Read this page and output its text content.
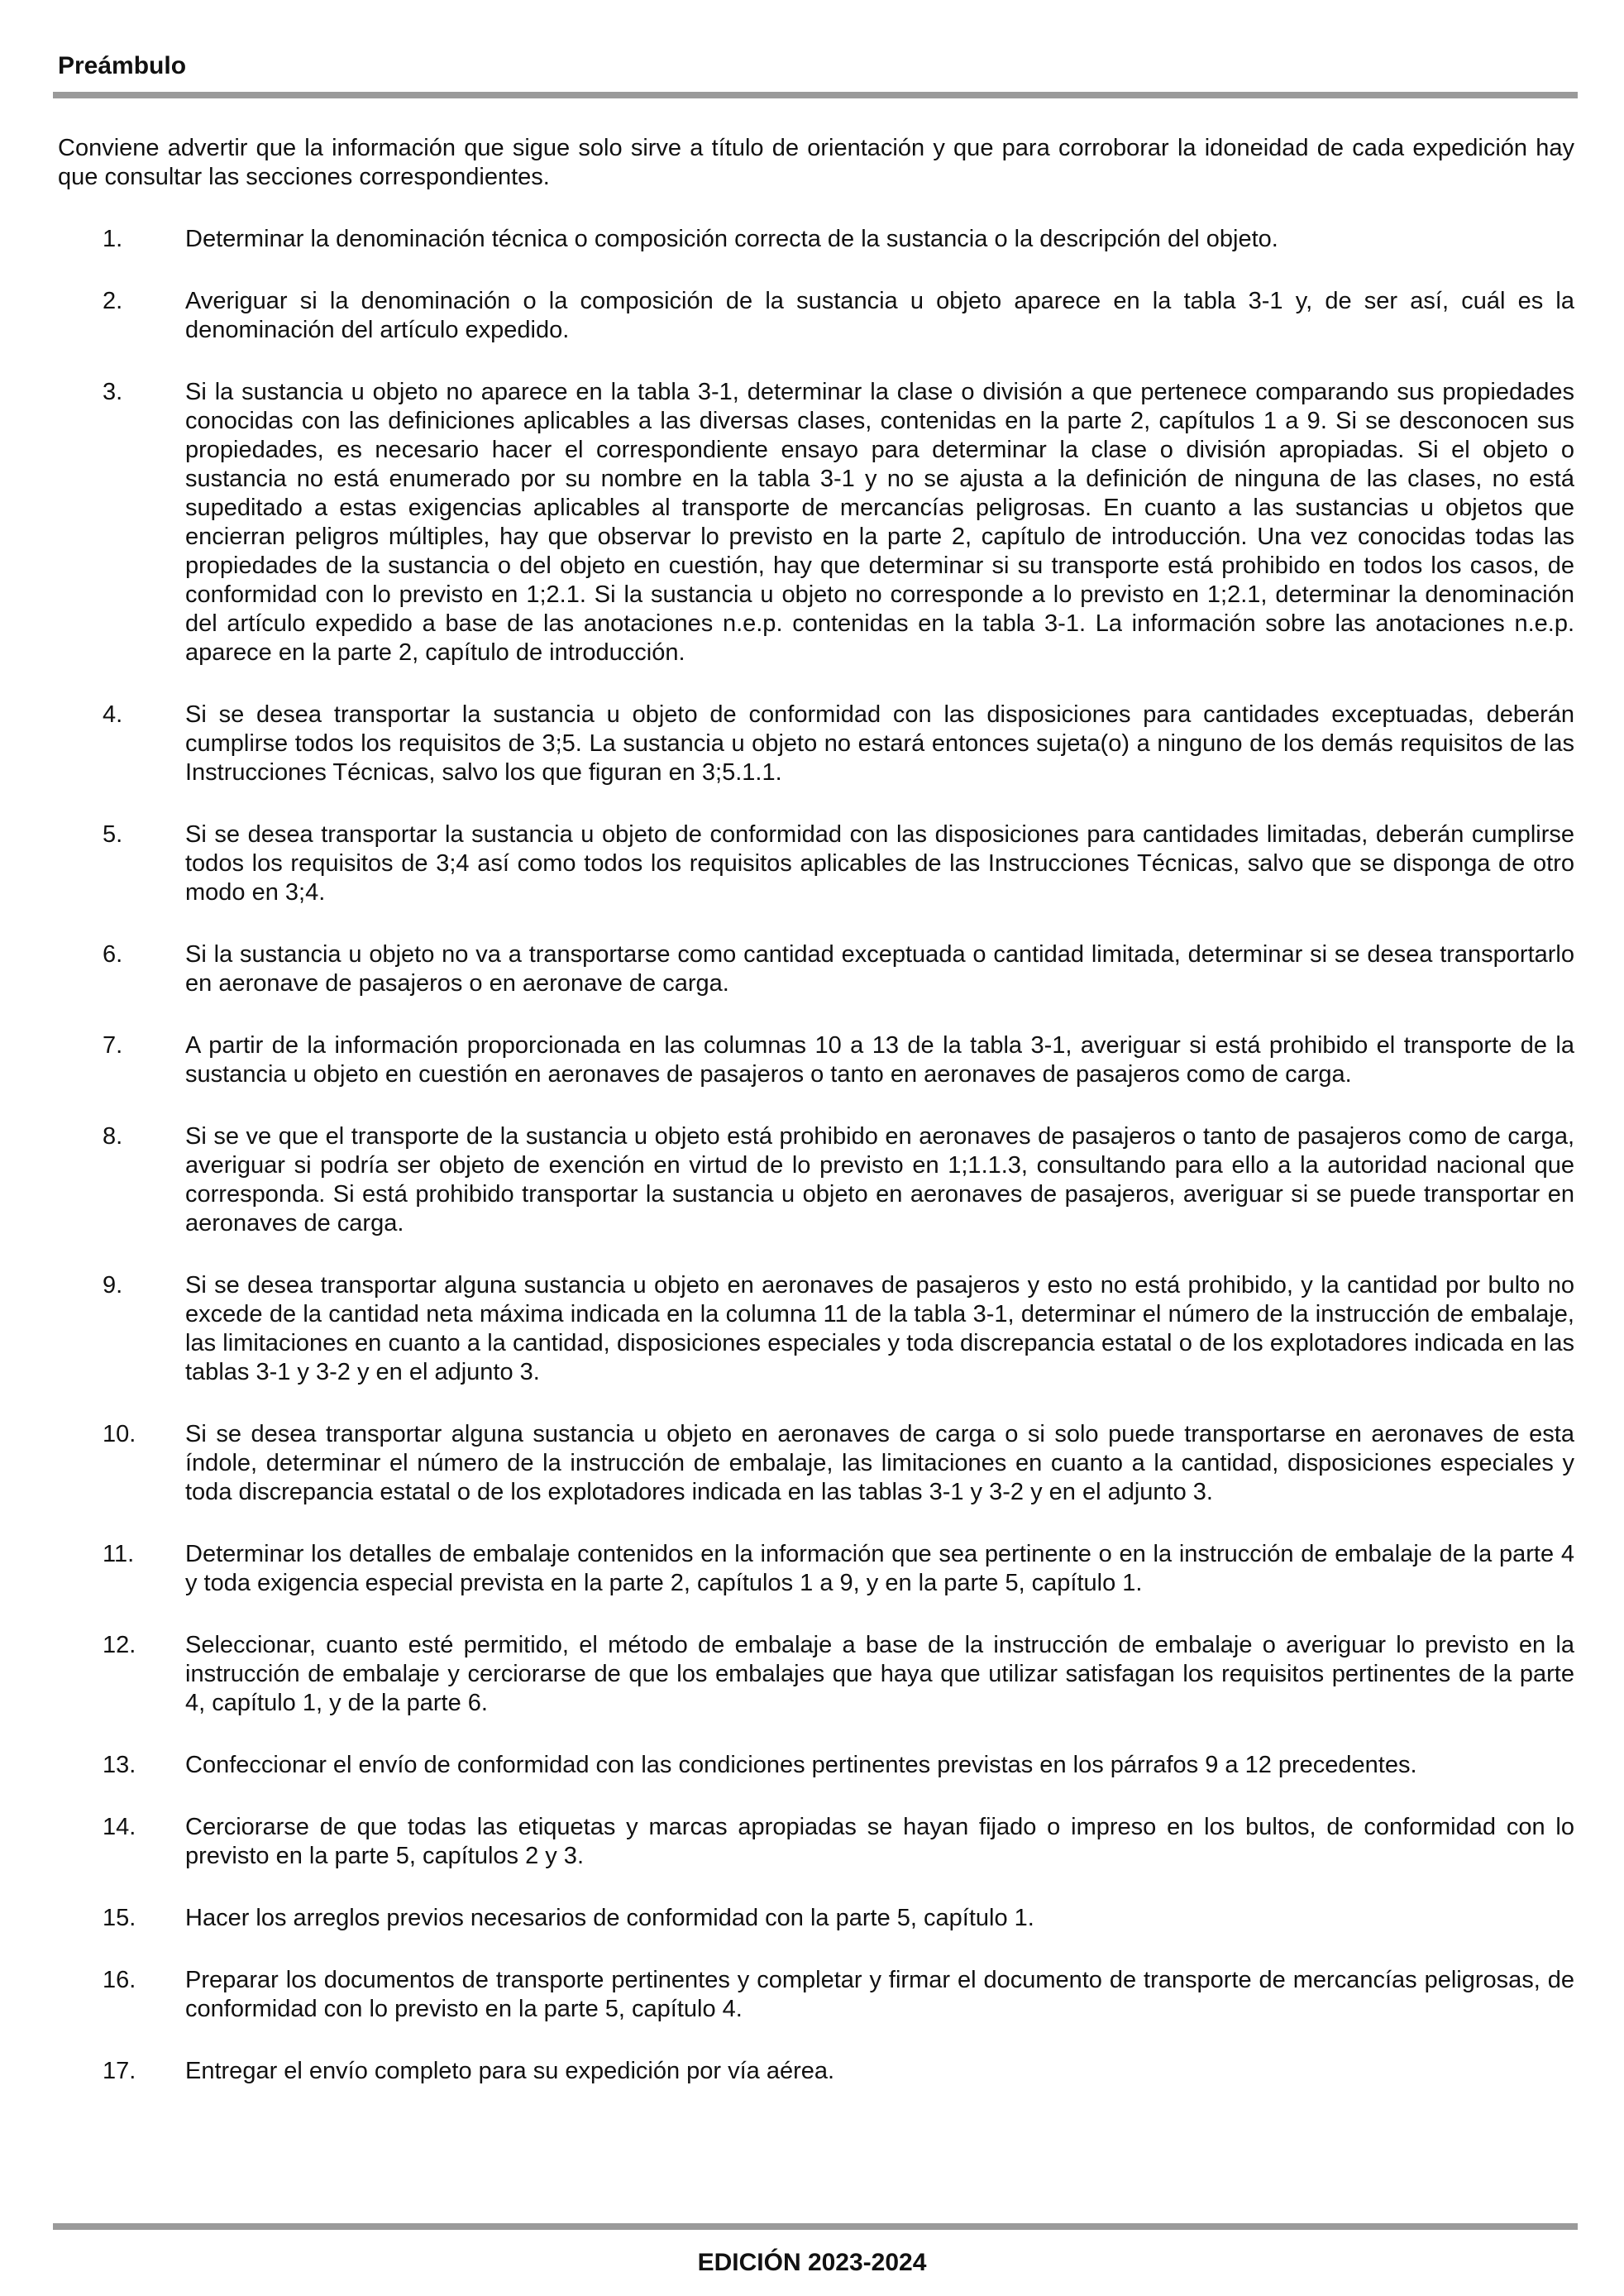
Preámbulo

Conviene advertir que la información que sigue solo sirve a título de orientación y que para corroborar la idoneidad de cada expedición hay que consultar las secciones correspondientes.

1.	Determinar la denominación técnica o composición correcta de la sustancia o la descripción del objeto.
2.	Averiguar si la denominación o la composición de la sustancia u objeto aparece en la tabla 3-1 y, de ser así, cuál es la denominación del artículo expedido.
3.	Si la sustancia u objeto no aparece en la tabla 3-1, determinar la clase o división a que pertenece comparando sus propiedades conocidas con las definiciones aplicables a las diversas clases, contenidas en la parte 2, capítulos 1 a 9. Si se desconocen sus propiedades, es necesario hacer el correspondiente ensayo para determinar la clase o división apropiadas. Si el objeto o sustancia no está enumerado por su nombre en la tabla 3-1 y no se ajusta a la definición de ninguna de las clases, no está supeditado a estas exigencias aplicables al transporte de mercancías peligrosas. En cuanto a las sustancias u objetos que encierran peligros múltiples, hay que observar lo previsto en la parte 2, capítulo de introducción. Una vez conocidas todas las propiedades de la sustancia o del objeto en cuestión, hay que determinar si su transporte está prohibido en todos los casos, de conformidad con lo previsto en 1;2.1. Si la sustancia u objeto no corresponde a lo previsto en 1;2.1, determinar la denominación del artículo expedido a base de las anotaciones n.e.p. contenidas en la tabla 3-1. La información sobre las anotaciones n.e.p. aparece en la parte 2, capítulo de introducción.
4.	Si se desea transportar la sustancia u objeto de conformidad con las disposiciones para cantidades exceptuadas, deberán cumplirse todos los requisitos de 3;5. La sustancia u objeto no estará entonces sujeta(o) a ninguno de los demás requisitos de las Instrucciones Técnicas, salvo los que figuran en 3;5.1.1.
5.	Si se desea transportar la sustancia u objeto de conformidad con las disposiciones para cantidades limitadas, deberán cumplirse todos los requisitos de 3;4 así como todos los requisitos aplicables de las Instrucciones Técnicas, salvo que se disponga de otro modo en 3;4.
6.	Si la sustancia u objeto no va a transportarse como cantidad exceptuada o cantidad limitada, determinar si se desea transportarlo en aeronave de pasajeros o en aeronave de carga.
7.	A partir de la información proporcionada en las columnas 10 a 13 de la tabla 3-1, averiguar si está prohibido el transporte de la sustancia u objeto en cuestión en aeronaves de pasajeros o tanto en aeronaves de pasajeros como de carga.
8.	Si se ve que el transporte de la sustancia u objeto está prohibido en aeronaves de pasajeros o tanto de pasajeros como de carga, averiguar si podría ser objeto de exención en virtud de lo previsto en 1;1.1.3, consultando para ello a la autoridad nacional que corresponda. Si está prohibido transportar la sustancia u objeto en aeronaves de pasajeros, averiguar si se puede transportar en aeronaves de carga.
9.	Si se desea transportar alguna sustancia u objeto en aeronaves de pasajeros y esto no está prohibido, y la cantidad por bulto no excede de la cantidad neta máxima indicada en la columna 11 de la tabla 3-1, determinar el número de la instrucción de embalaje, las limitaciones en cuanto a la cantidad, disposiciones especiales y toda discrepancia estatal o de los explotadores indicada en las tablas 3-1 y 3-2 y en el adjunto 3.
10.	Si se desea transportar alguna sustancia u objeto en aeronaves de carga o si solo puede transportarse en aeronaves de esta índole, determinar el número de la instrucción de embalaje, las limitaciones en cuanto a la cantidad, disposiciones especiales y toda discrepancia estatal o de los explotadores indicada en las tablas 3-1 y 3-2 y en el adjunto 3.
11.	Determinar los detalles de embalaje contenidos en la información que sea pertinente o en la instrucción de embalaje de la parte 4 y toda exigencia especial prevista en la parte 2, capítulos 1 a 9, y en la parte 5, capítulo 1.
12.	Seleccionar, cuanto esté permitido, el método de embalaje a base de la instrucción de embalaje o averiguar lo previsto en la instrucción de embalaje y cerciorarse de que los embalajes que haya que utilizar satisfagan los requisitos pertinentes de la parte 4, capítulo 1, y de la parte 6.
13.	Confeccionar el envío de conformidad con las condiciones pertinentes previstas en los párrafos 9 a 12 precedentes.
14.	Cerciorarse de que todas las etiquetas y marcas apropiadas se hayan fijado o impreso en los bultos, de conformidad con lo previsto en la parte 5, capítulos 2 y 3.
15.	Hacer los arreglos previos necesarios de conformidad con la parte 5, capítulo 1.
16.	Preparar los documentos de transporte pertinentes y completar y firmar el documento de transporte de mercancías peligrosas, de conformidad con lo previsto en la parte 5, capítulo 4.
17.	Entregar el envío completo para su expedición por vía aérea.
EDICIÓN 2023-2024
